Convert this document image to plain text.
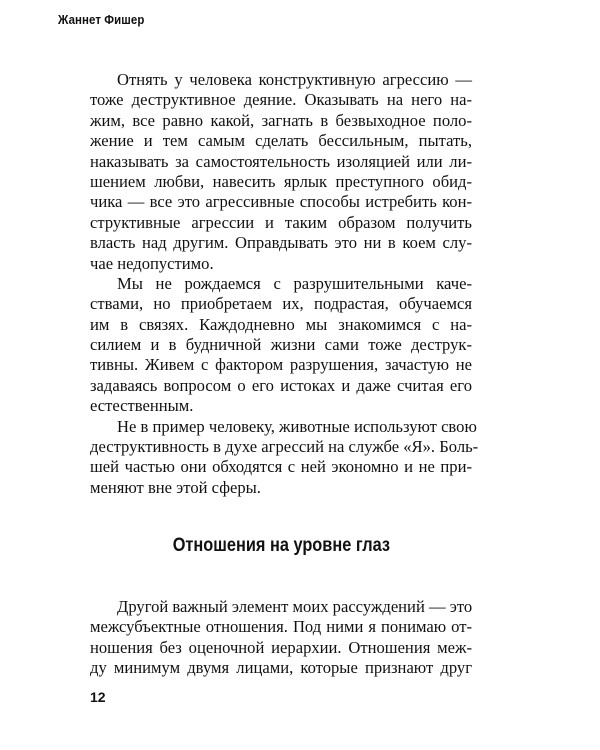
Жаннет Фишер
Отнять у человека конструктивную агрессию —
тоже деструктивное деяние. Оказывать на него на-
жим, все равно какой, загнать в безвыходное поло-
жение и тем самым сделать бессильным, пытать,
наказывать за самостоятельность изоляцией или ли-
шением любви, навесить ярлык преступного обид-
чика — все это агрессивные способы истребить кон-
структивные агрессии и таким образом получить
власть над другим. Оправдывать это ни в коем слу-
чае недопустимо.
Мы не рождаемся с разрушительными каче-
ствами, но приобретаем их, подрастая, обучаемся
им в связях. Каждодневно мы знакомимся с на-
силием и в будничной жизни сами тоже деструк-
тивны. Живем с фактором разрушения, зачастую не
задаваясь вопросом о его истоках и даже считая его
естественным.
Не в пример человеку, животные используют свою
деструктивность в духе агрессий на службе «Я». Боль-
шей частью они обходятся с ней экономно и не при-
меняют вне этой сферы.
Отношения на уровне глаз
Другой важный элемент моих рассуждений — это
межсубъектные отношения. Под ними я понимаю от-
ношения без оценочной иерархии. Отношения меж-
ду минимум двумя лицами, которые признают друг
12
